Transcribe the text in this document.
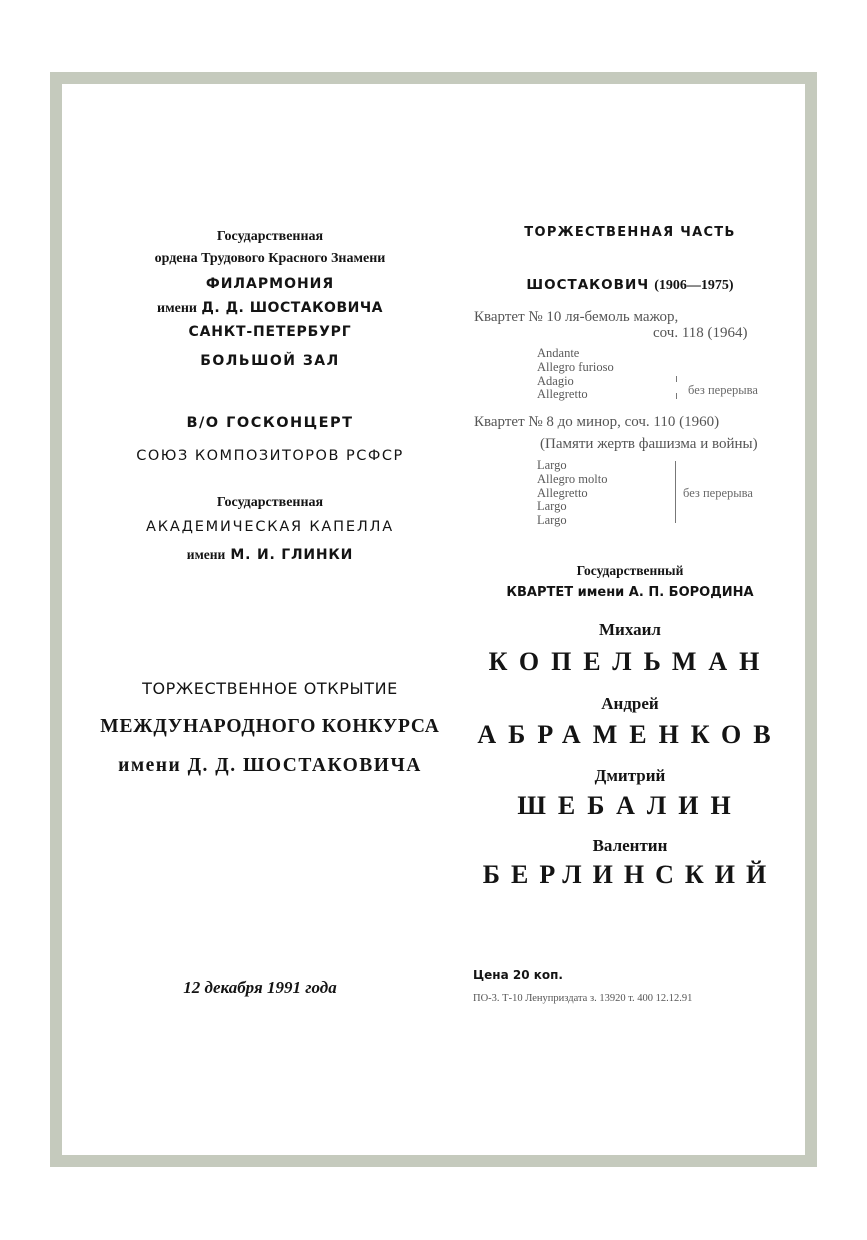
Государственная
ордена Трудового Красного Знамени
ФИЛАРМОНИЯ
имени Д. Д. ШОСТАКОВИЧА
САНКТ-ПЕТЕРБУРГ
БОЛЬШОЙ ЗАЛ
В/О ГОСКОНЦЕРТ
СОЮЗ КОМПОЗИТОРОВ РСФСР
Государственная
АКАДЕМИЧЕСКАЯ КАПЕЛЛА
имени М. И. ГЛИНКИ
ТОРЖЕСТВЕННОЕ ОТКРЫТИЕ
МЕЖДУНАРОДНОГО КОНКУРСА
имени Д. Д. ШОСТАКОВИЧА
12 декабря 1991 года
ТОРЖЕСТВЕННАЯ ЧАСТЬ
ШОСТАКОВИЧ (1906—1975)
Квартет № 10 ля-бемоль мажор,
соч. 118 (1964)
Andante
Allegro furioso
Adagio
Allegretto	без перерыва
Квартет № 8 до минор, соч. 110 (1960)
(Памяти жертв фашизма и войны)
Largo
Allegro molto
Allegretto
Largo
Largo
без перерыва
Государственный
КВАРТЕТ имени А. П. БОРОДИНА
Михаил
КОПЕЛЬМАН
Андрей
АБРАМЕНКОВ
Дмитрий
ШЕБАЛИН
Валентин
БЕРЛИНСКИЙ
Цена 20 коп.
ПО-3. Т-10 Ленуприздата з. 13920 т. 400 12.12.91
